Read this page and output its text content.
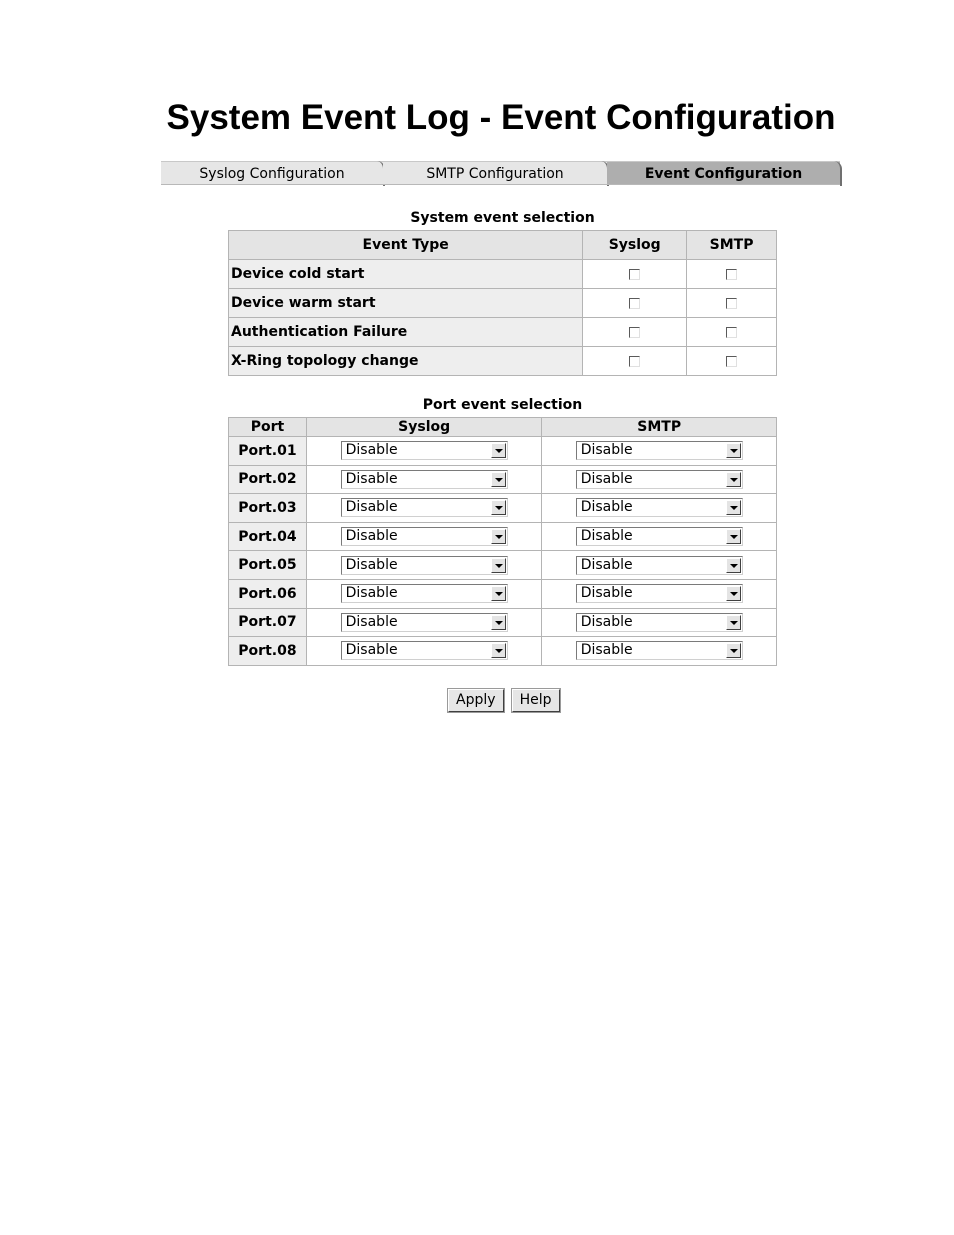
System Event Log - Event Configuration
Syslog Configuration	SMTP Configuration	Event Configuration
System event selection
Event Type	Syslog	SMTP
Device cold start		
Device warm start		
Authentication Failure		
X-Ring topology change		
Port event selection
Port	Syslog	SMTP
Port.01	Disable	Disable

Port.02	Disable	Disable

Port.03	Disable	Disable

Port.04	Disable	Disable

Port.05	Disable	Disable

Port.06	Disable	Disable

Port.07	Disable	Disable

Port.08	Disable	Disable
Apply Help
